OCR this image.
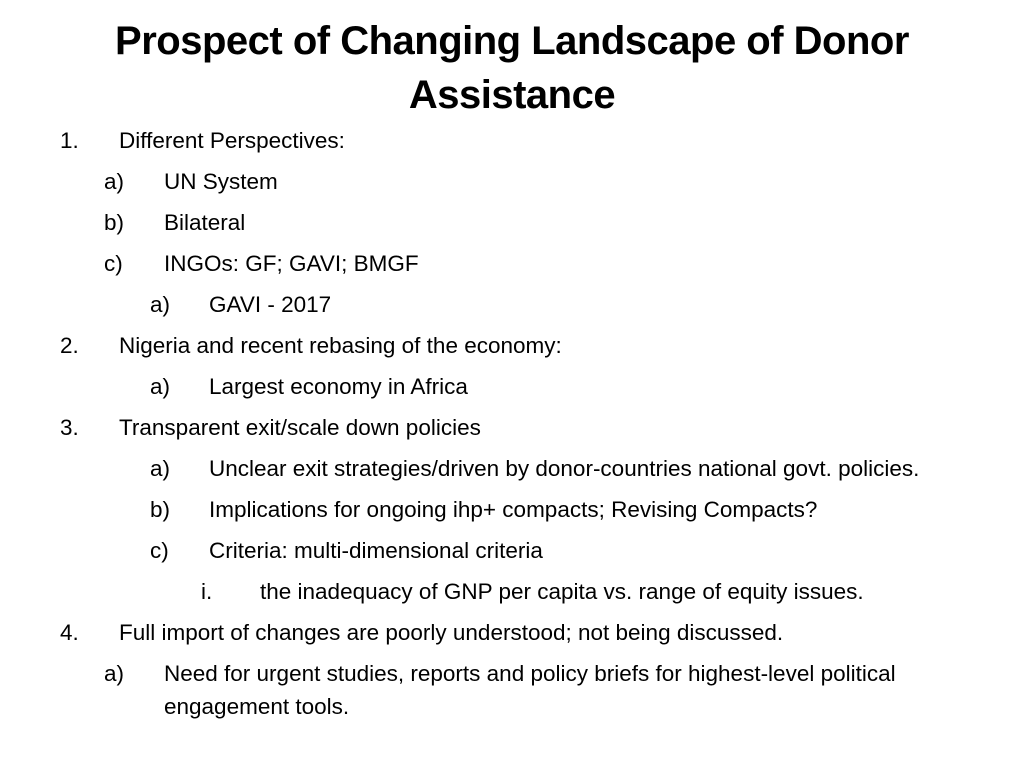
Prospect of Changing Landscape of Donor Assistance
1. Different Perspectives:
a) UN System
b) Bilateral
c) INGOs: GF; GAVI; BMGF
a) GAVI - 2017
2. Nigeria and recent rebasing of the economy:
a) Largest economy in Africa
3. Transparent exit/scale down policies
a) Unclear exit strategies/driven by donor-countries national govt. policies.
b) Implications for ongoing ihp+ compacts; Revising Compacts?
c) Criteria: multi-dimensional criteria
i. the inadequacy of GNP per capita vs. range of equity issues.
4. Full import of changes are poorly understood; not being discussed.
a) Need for urgent studies, reports and policy briefs for highest-level political engagement tools.
